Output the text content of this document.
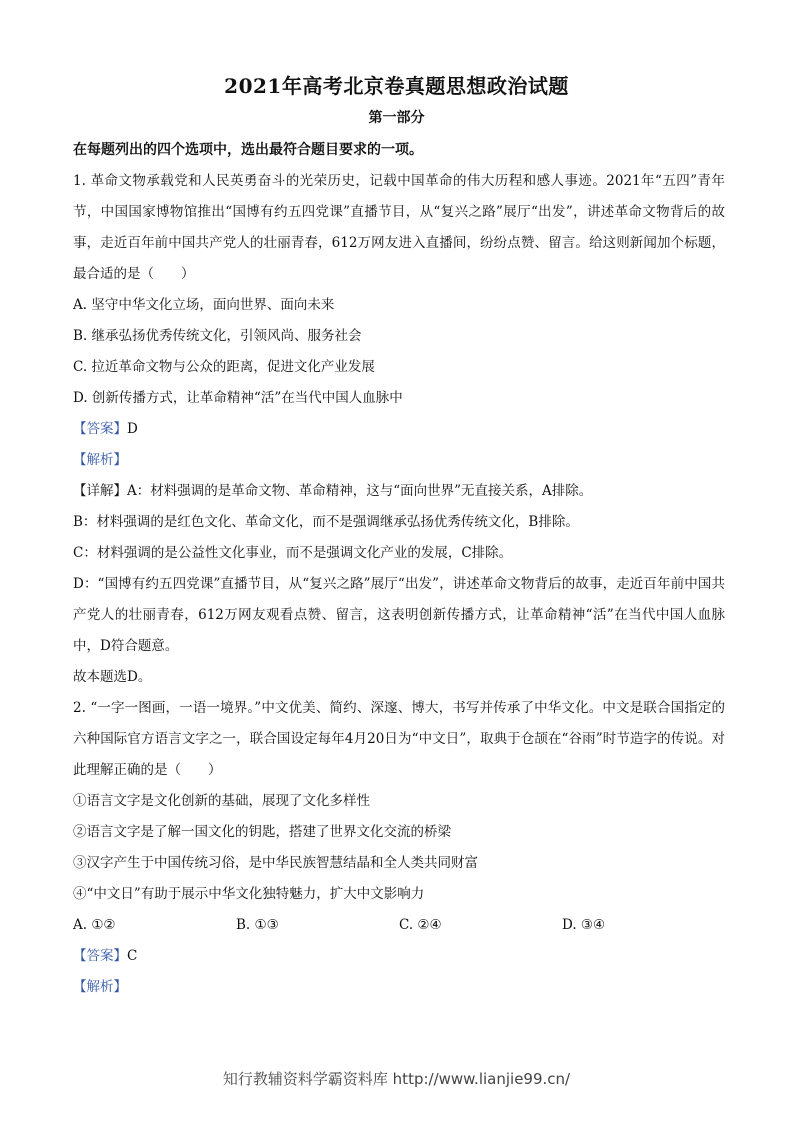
2021年高考北京卷真题思想政治试题
第一部分
在每题列出的四个选项中，选出最符合题目要求的一项。
1. 革命文物承载党和人民英勇奋斗的光荣历史，记载中国革命的伟大历程和感人事迹。2021年“五四”青年节，中国国家博物馆推出“国博有约五四党课”直播节目，从“复兴之路”展厅“出发”，讲述革命文物背后的故事，走近百年前中国共产党人的壮丽青春，612万网友进入直播间，纷纷点赞、留言。给这则新闻加个标题，最合适的是（　　）
A. 坚守中华文化立场，面向世界、面向未来
B. 继承弘扬优秀传统文化，引领风尚、服务社会
C. 拉近革命文物与公众的距离，促进文化产业发展
D. 创新传播方式，让革命精神“活”在当代中国人血脉中
【答案】D
【解析】
【详解】A：材料强调的是革命文物、革命精神，这与“面向世界”无直接关系，A排除。
B：材料强调的是红色文化、革命文化，而不是强调继承弘扬优秀传统文化，B排除。
C：材料强调的是公益性文化事业，而不是强调文化产业的发展，C排除。
D：“国博有约五四党课”直播节目，从“复兴之路”展厅“出发”，讲述革命文物背后的故事，走近百年前中国共产党人的壮丽青春，612万网友观看点赞、留言，这表明创新传播方式，让革命精神“活”在当代中国人血脉中，D符合题意。
故本题选D。
2. “一字一图画，一语一境界。”中文优美、简约、深邃、博大，书写并传承了中华文化。中文是联合国指定的六种国际官方语言文字之一，联合国设定每年4月20日为“中文日”，取典于仓颉在“谷雨”时节造字的传说。对此理解正确的是（　　）
①语言文字是文化创新的基础，展现了文化多样性
②语言文字是了解一国文化的钥匙，搭建了世界文化交流的桥梁
③汉字产生于中国传统习俗，是中华民族智慧结晶和全人类共同财富
④“中文日”有助于展示中华文化独特魅力，扩大中文影响力
A. ①②	B. ①③	C. ②④	D. ③④
【答案】C
【解析】
知行教辅资料学霸资料库 http://www.lianjie99.cn/
